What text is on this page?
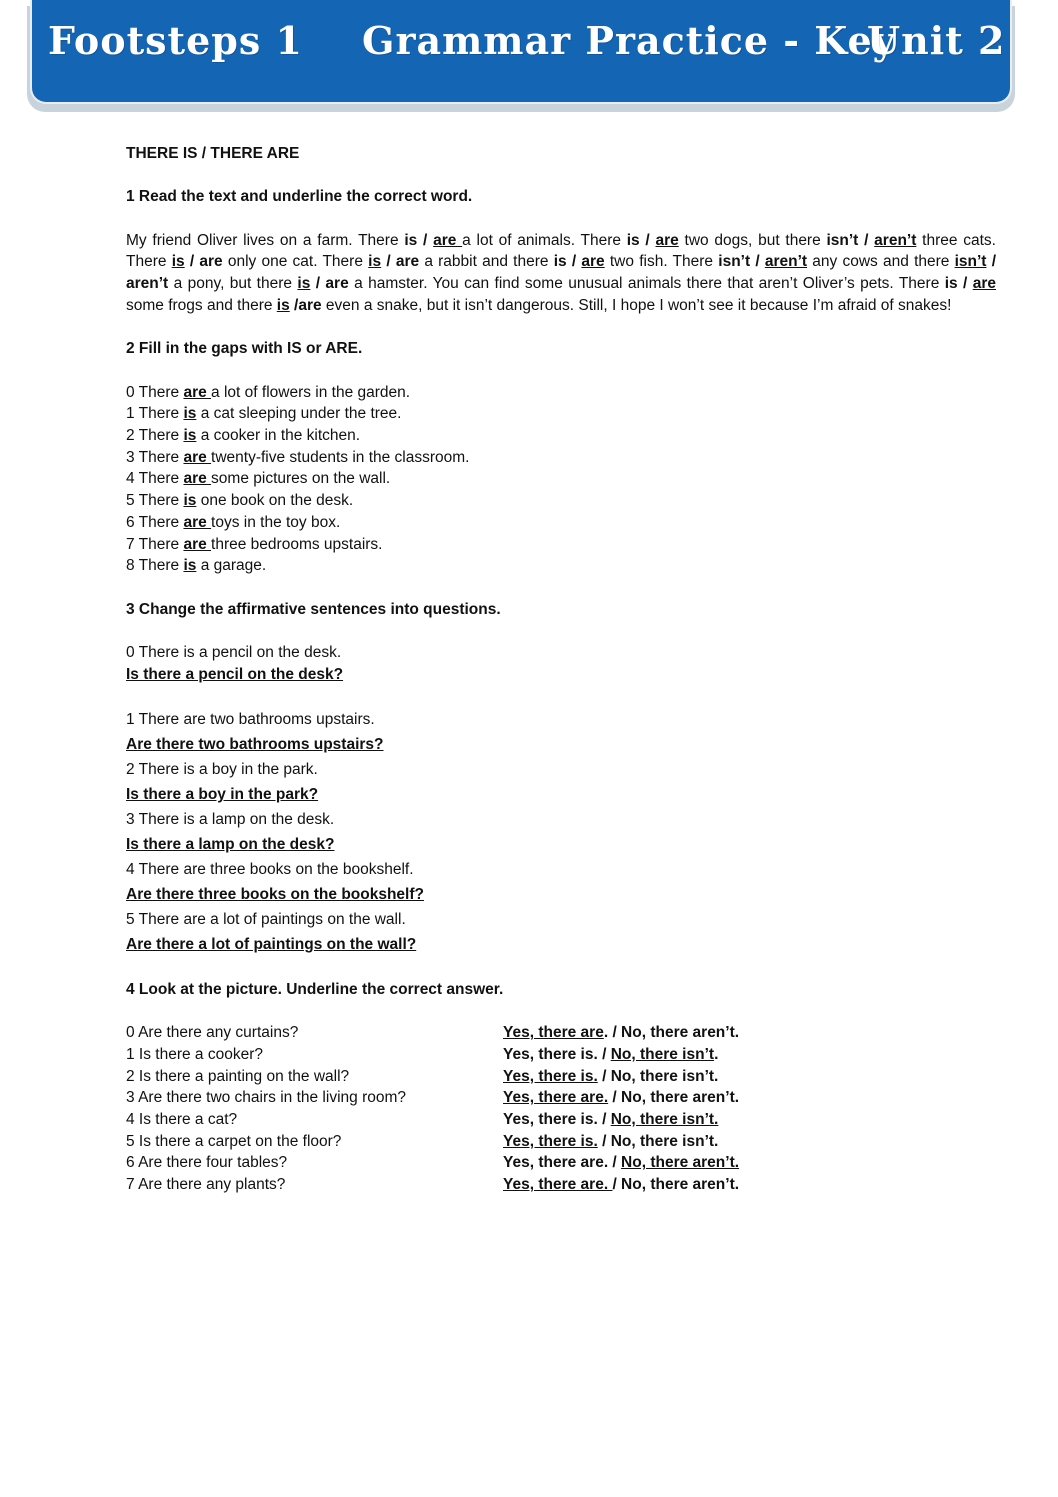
Footsteps 1 Grammar Practice - Key
Unit 2

THERE IS / THERE ARE

1 Read the text and underline the correct word.

My friend Oliver lives on a farm. There is / are a lot of animals. There is / are two dogs, but there isn’t / aren’t three cats. There is / are only one cat. There is / are a rabbit and there is / are two fish. There isn’t / aren’t any cows and there isn’t / aren’t a pony, but there is / are a hamster. You can find some unusual animals there that aren’t Oliver’s pets. There is / are some frogs and there is /are even a snake, but it isn’t dangerous. Still, I hope I won’t see it because I’m afraid of snakes!

2 Fill in the gaps with IS or ARE.

0 There are a lot of flowers in the garden.

1 There is a cat sleeping under the tree.

2 There is a cooker in the kitchen.

3 There are twenty-five students in the classroom.

4 There are some pictures on the wall.

5 There is one book on the desk.

6 There are toys in the toy box.

7 There are three bedrooms upstairs.

8 There is a garage.

3 Change the affirmative sentences into questions.

0 There is a pencil on the desk.

Is there a pencil on the desk?

1 There are two bathrooms upstairs.

Are there two bathrooms upstairs?

2 There is a boy in the park.

Is there a boy in the park?

3 There is a lamp on the desk.

Is there a lamp on the desk?

4 There are three books on the bookshelf.

Are there three books on the bookshelf?

5 There are a lot of paintings on the wall.

Are there a lot of paintings on the wall?

4 Look at the picture. Underline the correct answer.

0 Are there any curtains?	Yes, there are. / No, there aren’t.
1 Is there a cooker?	Yes, there is. / No, there isn’t.
2 Is there a painting on the wall?	Yes, there is. / No, there isn’t.
3 Are there two chairs in the living room?	Yes, there are. / No, there aren’t.
4 Is there a cat?	Yes, there is. / No, there isn’t.
5 Is there a carpet on the floor?	Yes, there is. / No, there isn’t.
6 Are there four tables?	Yes, there are. / No, there aren’t.
7 Are there any plants?	Yes, there are. / No, there aren’t.
